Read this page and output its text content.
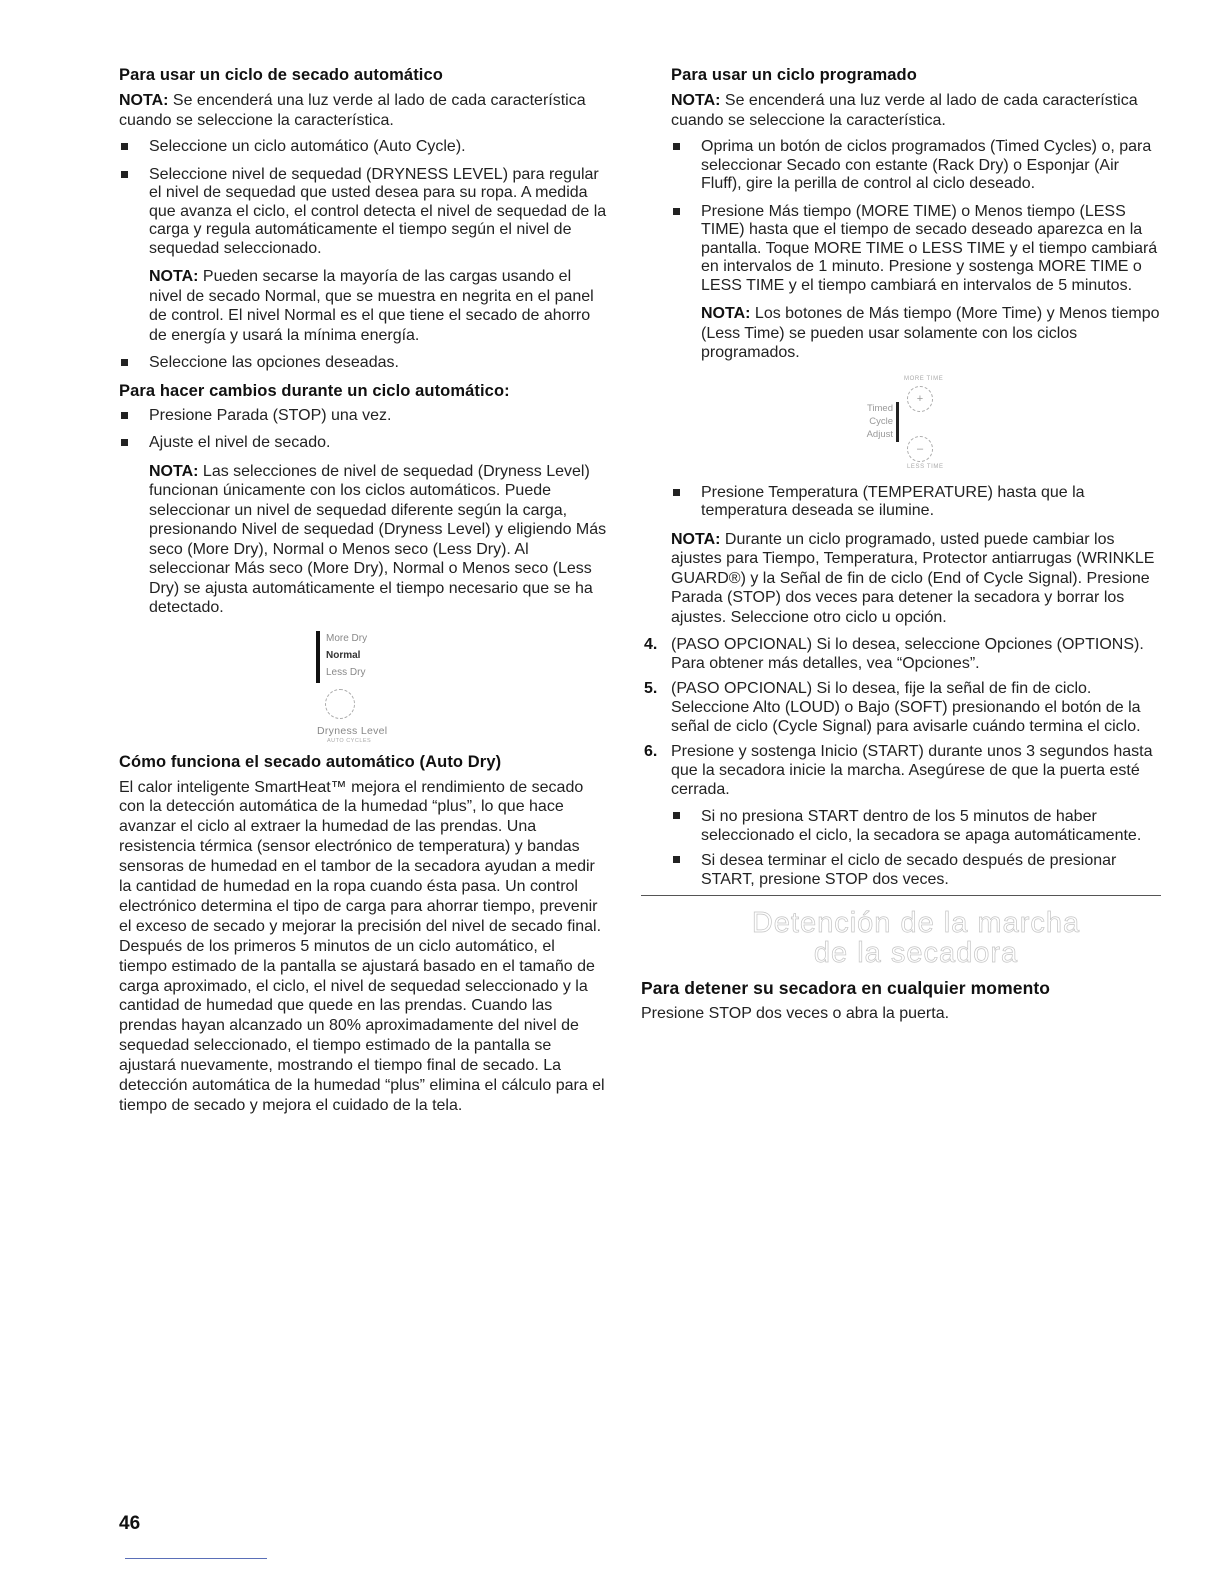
Para usar un ciclo de secado automático

NOTA: Se encenderá una luz verde al lado de cada característica cuando se seleccione la característica.

Seleccione un ciclo automático (Auto Cycle).
Seleccione nivel de sequedad (DRYNESS LEVEL) para regular el nivel de sequedad que usted desea para su ropa. A medida que avanza el ciclo, el control detecta el nivel de sequedad de la carga y regula automáticamente el tiempo según el nivel de sequedad seleccionado.

NOTA: Pueden secarse la mayoría de las cargas usando el nivel de secado Normal, que se muestra en negrita en el panel de control. El nivel Normal es el que tiene el secado de ahorro de energía y usará la mínima energía.

Seleccione las opciones deseadas.
Para hacer cambios durante un ciclo automático:
Presione Parada (STOP) una vez.
Ajuste el nivel de secado.

NOTA: Las selecciones de nivel de sequedad (Dryness Level) funcionan únicamente con los ciclos automáticos. Puede seleccionar un nivel de sequedad diferente según la carga, presionando Nivel de sequedad (Dryness Level) y eligiendo Más seco (More Dry), Normal o Menos seco (Less Dry). Al seleccionar Más seco (More Dry), Normal o Menos seco (Less Dry) se ajusta automáticamente el tiempo necesario que se ha detectado.

More Dry
Normal
Less Dry
Dryness Level
AUTO CYCLES
Cómo funciona el secado automático (Auto Dry)

El calor inteligente SmartHeat™ mejora el rendimiento de secado con la detección automática de la humedad “plus”, lo que hace avanzar el ciclo al extraer la humedad de las prendas. Una resistencia térmica (sensor electrónico de temperatura) y bandas sensoras de humedad en el tambor de la secadora ayudan a medir la cantidad de humedad en la ropa cuando ésta pasa. Un control electrónico determina el tipo de carga para ahorrar tiempo, prevenir el exceso de secado y mejorar la precisión del nivel de secado final. Después de los primeros 5 minutos de un ciclo automático, el tiempo estimado de la pantalla se ajustará basado en el tamaño de carga aproximado, el ciclo, el nivel de sequedad seleccionado y la cantidad de humedad que quede en las prendas. Cuando las prendas hayan alcanzado un 80% aproximadamente del nivel de sequedad seleccionado, el tiempo estimado de la pantalla se ajustará nuevamente, mostrando el tiempo final de secado. La detección automática de la humedad “plus” elimina el cálculo para el tiempo de secado y mejora el cuidado de la tela.

Para usar un ciclo programado

NOTA: Se encenderá una luz verde al lado de cada característica cuando se seleccione la característica.

Oprima un botón de ciclos programados (Timed Cycles) o, para seleccionar Secado con estante (Rack Dry) o Esponjar (Air Fluff), gire la perilla de control al ciclo deseado.
Presione Más tiempo (MORE TIME) o Menos tiempo (LESS TIME) hasta que el tiempo de secado deseado aparezca en la pantalla. Toque MORE TIME o LESS TIME y el tiempo cambiará en intervalos de 1 minuto. Presione y sostenga MORE TIME o LESS TIME y el tiempo cambiará en intervalos de 5 minutos.

NOTA: Los botones de Más tiempo (More Time) y Menos tiempo (Less Time) se pueden usar solamente con los ciclos programados.

MORE TIME
+
Timed
Cycle
Adjust
–
LESS TIME
Presione Temperatura (TEMPERATURE) hasta que la temperatura deseada se ilumine.

NOTA: Durante un ciclo programado, usted puede cambiar los ajustes para Tiempo, Temperatura, Protector antiarrugas (WRINKLE GUARD®) y la Señal de fin de ciclo (End of Cycle Signal). Presione Parada (STOP) dos veces para detener la secadora y borrar los ajustes. Seleccione otro ciclo u opción.

4. (PASO OPCIONAL) Si lo desea, seleccione Opciones (OPTIONS). Para obtener más detalles, vea “Opciones”.
5. (PASO OPCIONAL) Si lo desea, fije la señal de fin de ciclo. Seleccione Alto (LOUD) o Bajo (SOFT) presionando el botón de la señal de ciclo (Cycle Signal) para avisarle cuándo termina el ciclo.
6. Presione y sostenga Inicio (START) durante unos 3 segundos hasta que la secadora inicie la marcha. Asegúrese de que la puerta esté cerrada.
Si no presiona START dentro de los 5 minutos de haber seleccionado el ciclo, la secadora se apaga automáticamente.
Si desea terminar el ciclo de secado después de presionar START, presione STOP dos veces.
Detención de la marcha
de la secadora
Para detener su secadora en cualquier momento

Presione STOP dos veces o abra la puerta.

46
